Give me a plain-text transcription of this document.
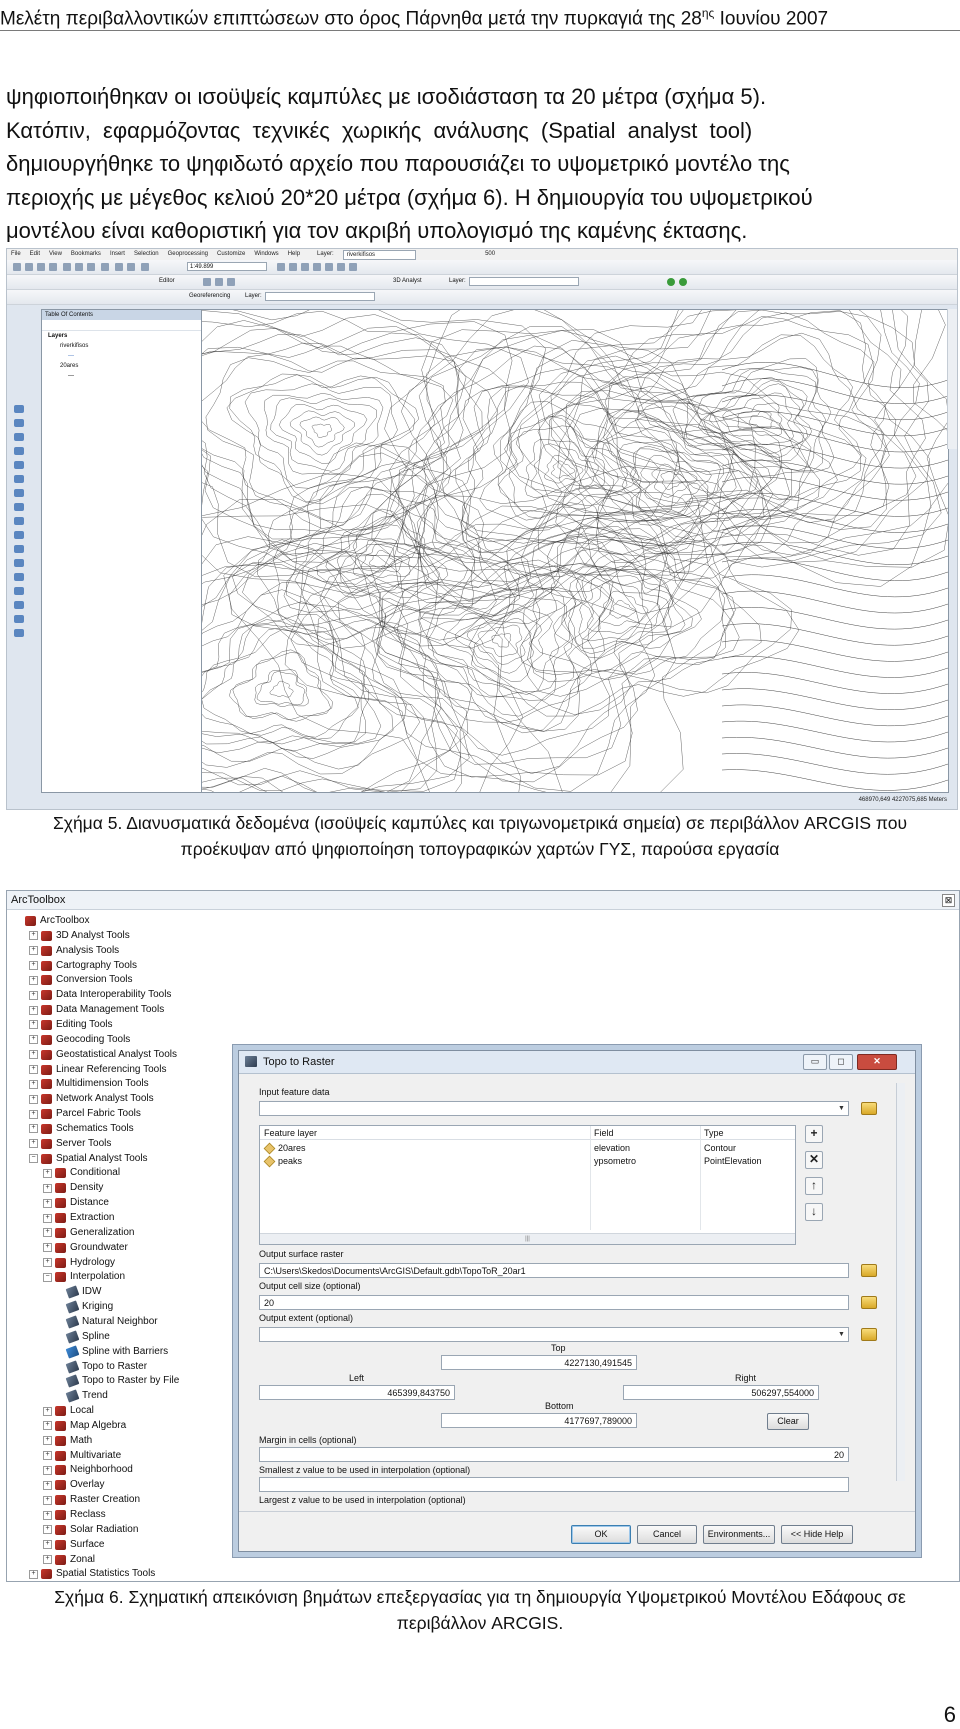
Μελέτη περιβαλλοντικών επιπτώσεων στο όρος Πάρνηθα μετά την πυρκαγιά της $28^{\eta\varsigma}$ Ιουνίου 2007
ψηφιοποιήθηκαν οι ισοϋψείς καμπύλες με ισοδιάσταση τα 20 μέτρα (σχήμα 5).
Κατόπιν, εφαρμόζοντας τεχνικές χωρικής ανάλυσης (Spatial analyst tool)
δημιουργήθηκε το ψηφιδωτό αρχείο που παρουσιάζει το υψομετρικό μοντέλο της
περιοχής με μέγεθος κελιού 20*20 μέτρα (σχήμα 6). Η δημιουργία του υψομετρικού
μοντέλου είναι καθοριστική για τον ακριβή υπολογισμό της καμένης έκτασης.
File Edit View Bookmarks Insert Selection Geoprocessing Customize Windows Help	Layer:	riverkifisos	500
1:49.899
Editor	3D Analyst	Layer:
Georeferencing	Layer:
Table Of Contents
Layers
riverkifisos
—
20ares
—
468970,649 4227075,685 Meters
Σχήμα 5. Διανυσματικά δεδομένα (ισοϋψείς καμπύλες και τριγωνομετρικά σημεία) σε περιβάλλον ARCGIS που
προέκυψαν από ψηφιοποίηση τοπογραφικών χαρτών ΓΥΣ, παρούσα εργασία
ArcToolbox	⊠
ArcToolbox
+ 3D Analyst Tools
+ Analysis Tools
+ Cartography Tools
+ Conversion Tools
+ Data Interoperability Tools
+ Data Management Tools
+ Editing Tools
+ Geocoding Tools
+ Geostatistical Analyst Tools
+ Linear Referencing Tools
+ Multidimension Tools
+ Network Analyst Tools
+ Parcel Fabric Tools
+ Schematics Tools
+ Server Tools
− Spatial Analyst Tools
+ Conditional
+ Density
+ Distance
+ Extraction
+ Generalization
+ Groundwater
+ Hydrology
− Interpolation
IDW
Kriging
Natural Neighbor
Spline
Spline with Barriers
Topo to Raster
Topo to Raster by File
Trend
+ Local
+ Map Algebra
+ Math
+ Multivariate
+ Neighborhood
+ Overlay
+ Raster Creation
+ Reclass
+ Solar Radiation
+ Surface
+ Zonal
+ Spatial Statistics Tools
Topo to Raster	▭	◻	✕
Input feature data
▼
Feature layer	Field	Type
20ares	elevation	Contour
peaks	ypsometro	PointElevation
|||
+
✕
↑
↓
Output surface raster
C:\Users\Skedos\Documents\ArcGIS\Default.gdb\TopoToR_20ar1
Output cell size (optional)
20
Output extent (optional)
▼
Top
4227130,491545
Left
465399,843750
Right
506297,554000
Bottom
4177697,789000	Clear
Margin in cells (optional)
20
Smallest z value to be used in interpolation (optional)
Largest z value to be used in interpolation (optional)
OK	Cancel	Environments...	<< Hide Help
Σχήμα 6. Σχηματική απεικόνιση βημάτων επεξεργασίας για τη δημιουργία Υψομετρικού Μοντέλου Εδάφους σε
περιβάλλον ARCGIS.
6
